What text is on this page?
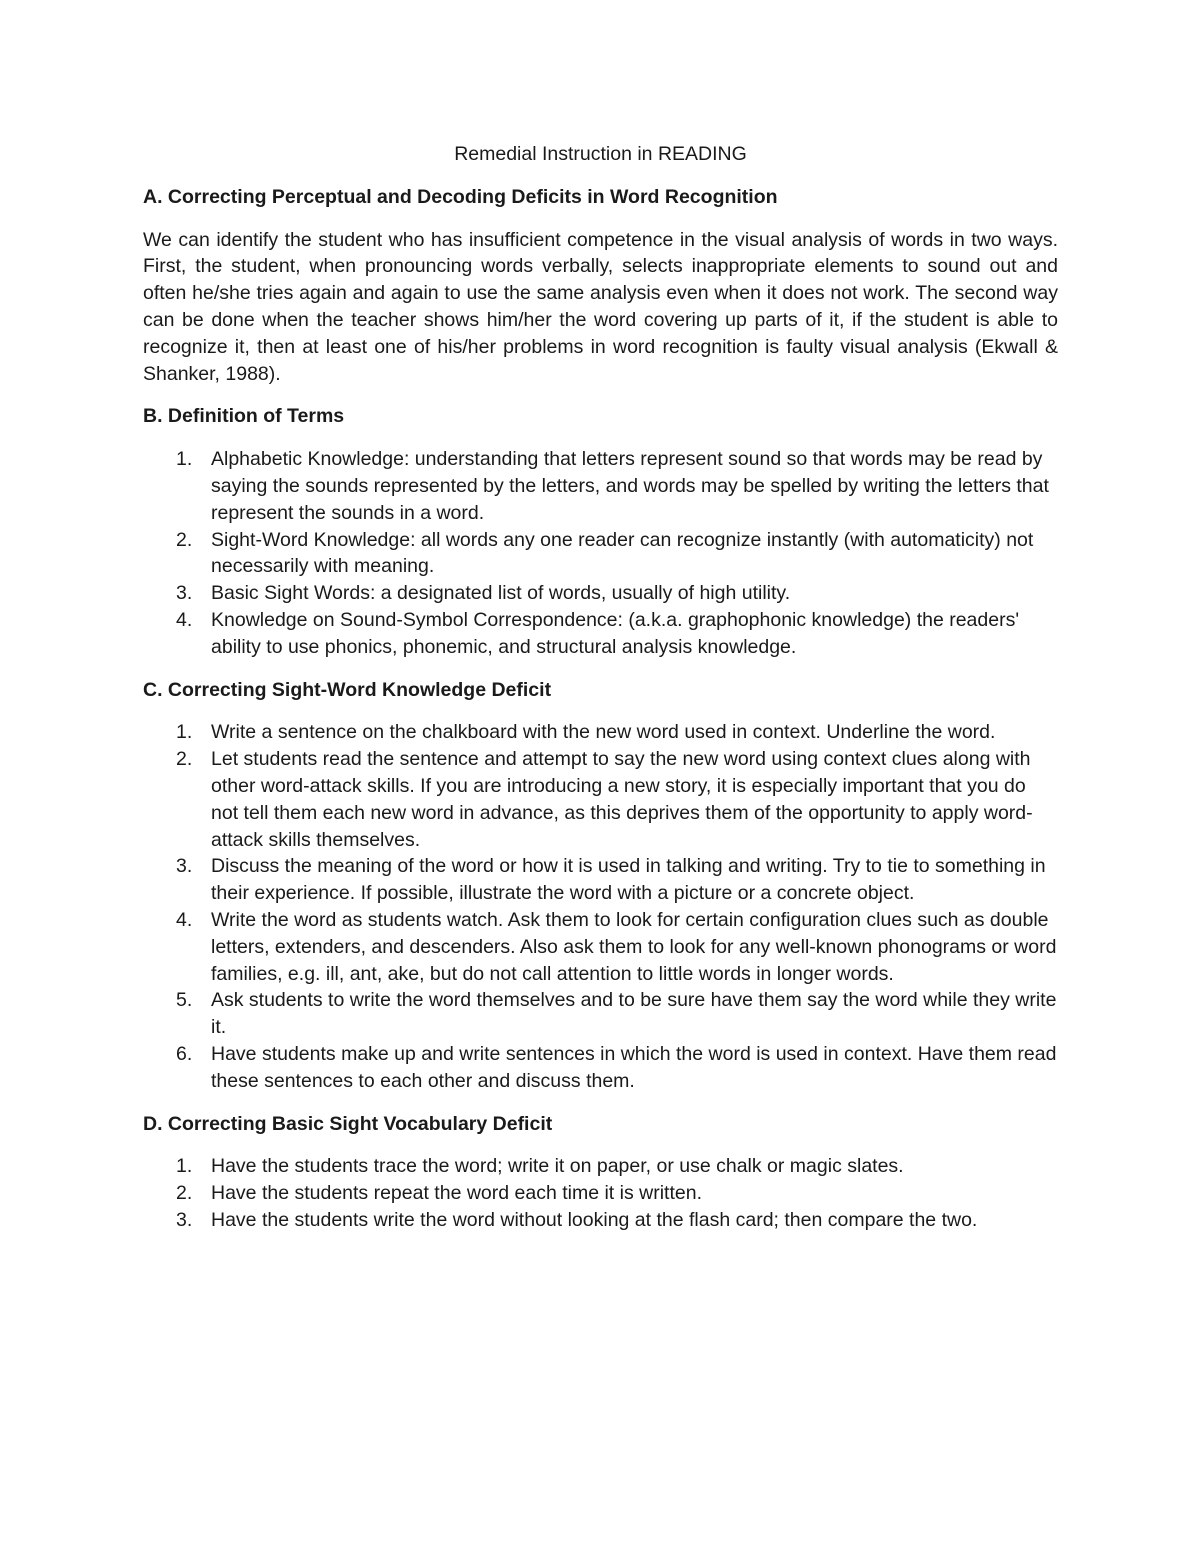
Remedial Instruction in READING
A. Correcting Perceptual and Decoding Deficits in Word Recognition
We can identify the student who has insufficient competence in the visual analysis of words in two ways. First, the student, when pronouncing words verbally, selects inappropriate elements to sound out and often he/she tries again and again to use the same analysis even when it does not work. The second way can be done when the teacher shows him/her the word covering up parts of it, if the student is able to recognize it, then at least one of his/her problems in word recognition is faulty visual analysis (Ekwall & Shanker, 1988).
B. Definition of Terms
1. Alphabetic Knowledge: understanding that letters represent sound so that words may be read by saying the sounds represented by the letters, and words may be spelled by writing the letters that represent the sounds in a word.
2. Sight-Word Knowledge: all words any one reader can recognize instantly (with automaticity) not necessarily with meaning.
3. Basic Sight Words: a designated list of words, usually of high utility.
4. Knowledge on Sound-Symbol Correspondence: (a.k.a. graphophonic knowledge) the readers' ability to use phonics, phonemic, and structural analysis knowledge.
C. Correcting Sight-Word Knowledge Deficit
1. Write a sentence on the chalkboard with the new word used in context. Underline the word.
2. Let students read the sentence and attempt to say the new word using context clues along with other word-attack skills. If you are introducing a new story, it is especially important that you do not tell them each new word in advance, as this deprives them of the opportunity to apply word-attack skills themselves.
3. Discuss the meaning of the word or how it is used in talking and writing. Try to tie to something in their experience. If possible, illustrate the word with a picture or a concrete object.
4. Write the word as students watch. Ask them to look for certain configuration clues such as double letters, extenders, and descenders. Also ask them to look for any well-known phonograms or word families, e.g. ill, ant, ake, but do not call attention to little words in longer words.
5. Ask students to write the word themselves and to be sure have them say the word while they write it.
6. Have students make up and write sentences in which the word is used in context. Have them read these sentences to each other and discuss them.
D. Correcting Basic Sight Vocabulary Deficit
1. Have the students trace the word; write it on paper, or use chalk or magic slates.
2. Have the students repeat the word each time it is written.
3. Have the students write the word without looking at the flash card; then compare the two.
